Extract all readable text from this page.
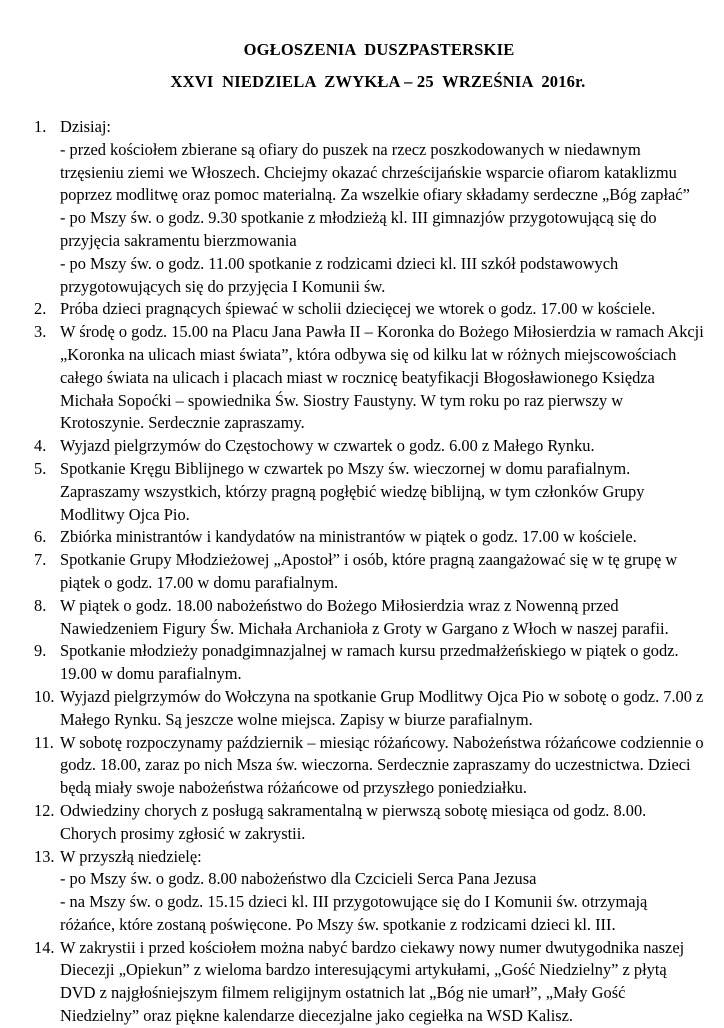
OGŁOSZENIA  DUSZPASTERSKIE
XXVI  NIEDZIELA  ZWYKŁA – 25  WRZEŚNIA  2016r.
1. Dzisiaj:
- przed kościołem zbierane są ofiary do puszek na rzecz poszkodowanych w niedawnym trzęsieniu ziemi we Włoszech. Chciejmy okazać chrześcijańskie wsparcie ofiarom kataklizmu poprzez modlitwę oraz pomoc materialną. Za wszelkie ofiary składamy serdeczne „Bóg zapłać”
- po Mszy św. o godz. 9.30 spotkanie z młodzieżą kl. III gimnazjów przygotowującą się do przyjęcia sakramentu bierzmowania
- po Mszy św. o godz. 11.00 spotkanie z rodzicami dzieci kl. III szkół podstawowych przygotowujących się do przyjęcia I Komunii św.
2. Próba dzieci pragnących śpiewać w scholii dziecięcej we wtorek o godz. 17.00 w kościele.
3. W środę o godz. 15.00 na Placu Jana Pawła II – Koronka do Bożego Miłosierdzia w ramach Akcji „Koronka na ulicach miast świata”, która odbywa się od kilku lat w różnych miejscowościach całego świata na ulicach i placach miast w rocznicę beatyfikacji Błogosławionego Księdza Michała Sopoćki – spowiednika Św. Siostry Faustyny. W tym roku po raz pierwszy w Krotoszynie. Serdecznie zapraszamy.
4. Wyjazd pielgrzymów do Częstochowy w czwartek o godz. 6.00 z Małego Rynku.
5. Spotkanie Kręgu Biblijnego w czwartek po Mszy św. wieczornej w domu parafialnym. Zapraszamy wszystkich, którzy pragną pogłębić wiedzę biblijną, w tym członków Grupy Modlitwy Ojca Pio.
6. Zbiórka ministrantów i kandydatów na ministrantów w piątek o godz. 17.00 w kościele.
7. Spotkanie Grupy Młodzieżowej „Apostoł” i osób, które pragną zaangażować się w tę grupę w piątek o godz. 17.00 w domu parafialnym.
8. W piątek o godz. 18.00 nabożeństwo do Bożego Miłosierdzia wraz z Nowenną przed Nawiedzeniem Figury Św. Michała Archanioła z Groty w Gargano z Włoch w naszej parafii.
9. Spotkanie młodzieży ponadgimnazjalnej w ramach kursu przedmałżeńskiego w piątek o godz. 19.00 w domu parafialnym.
10. Wyjazd pielgrzymów do Wołczyna na spotkanie Grup Modlitwy Ojca Pio w sobotę o godz. 7.00 z Małego Rynku. Są jeszcze wolne miejsca. Zapisy w biurze parafialnym.
11. W sobotę rozpoczynamy październik – miesiąc różańcowy. Nabożeństwa różańcowe codziennie o godz. 18.00, zaraz po nich Msza św. wieczorna. Serdecznie zapraszamy do uczestnictwa. Dzieci będą miały swoje nabożeństwa różańcowe od przyszłego poniedziałku.
12. Odwiedziny chorych z posługą sakramentalną w pierwszą sobotę miesiąca od godz. 8.00. Chorych prosimy zgłosić w zakrystii.
13. W przyszłą niedzielę:
- po Mszy św. o godz. 8.00 nabożeństwo dla Czcicieli Serca Pana Jezusa
- na Mszy św. o godz. 15.15 dzieci kl. III przygotowujące się do I Komunii św. otrzymają różańce, które zostaną poświęcone. Po Mszy św. spotkanie z rodzicami dzieci kl. III.
14. W zakrystii i przed kościołem można nabyć bardzo ciekawy nowy numer dwutygodnika naszej Diecezji „Opiekun” z wieloma bardzo interesującymi artykułami, „Gość Niedzielny” z płytą DVD z najgłośniejszym filmem religijnym ostatnich lat „Bóg nie umarł”, „Mały Gość Niedzielny” oraz piękne kalendarze diecezjalne jako cegiełka na WSD Kalisz.
